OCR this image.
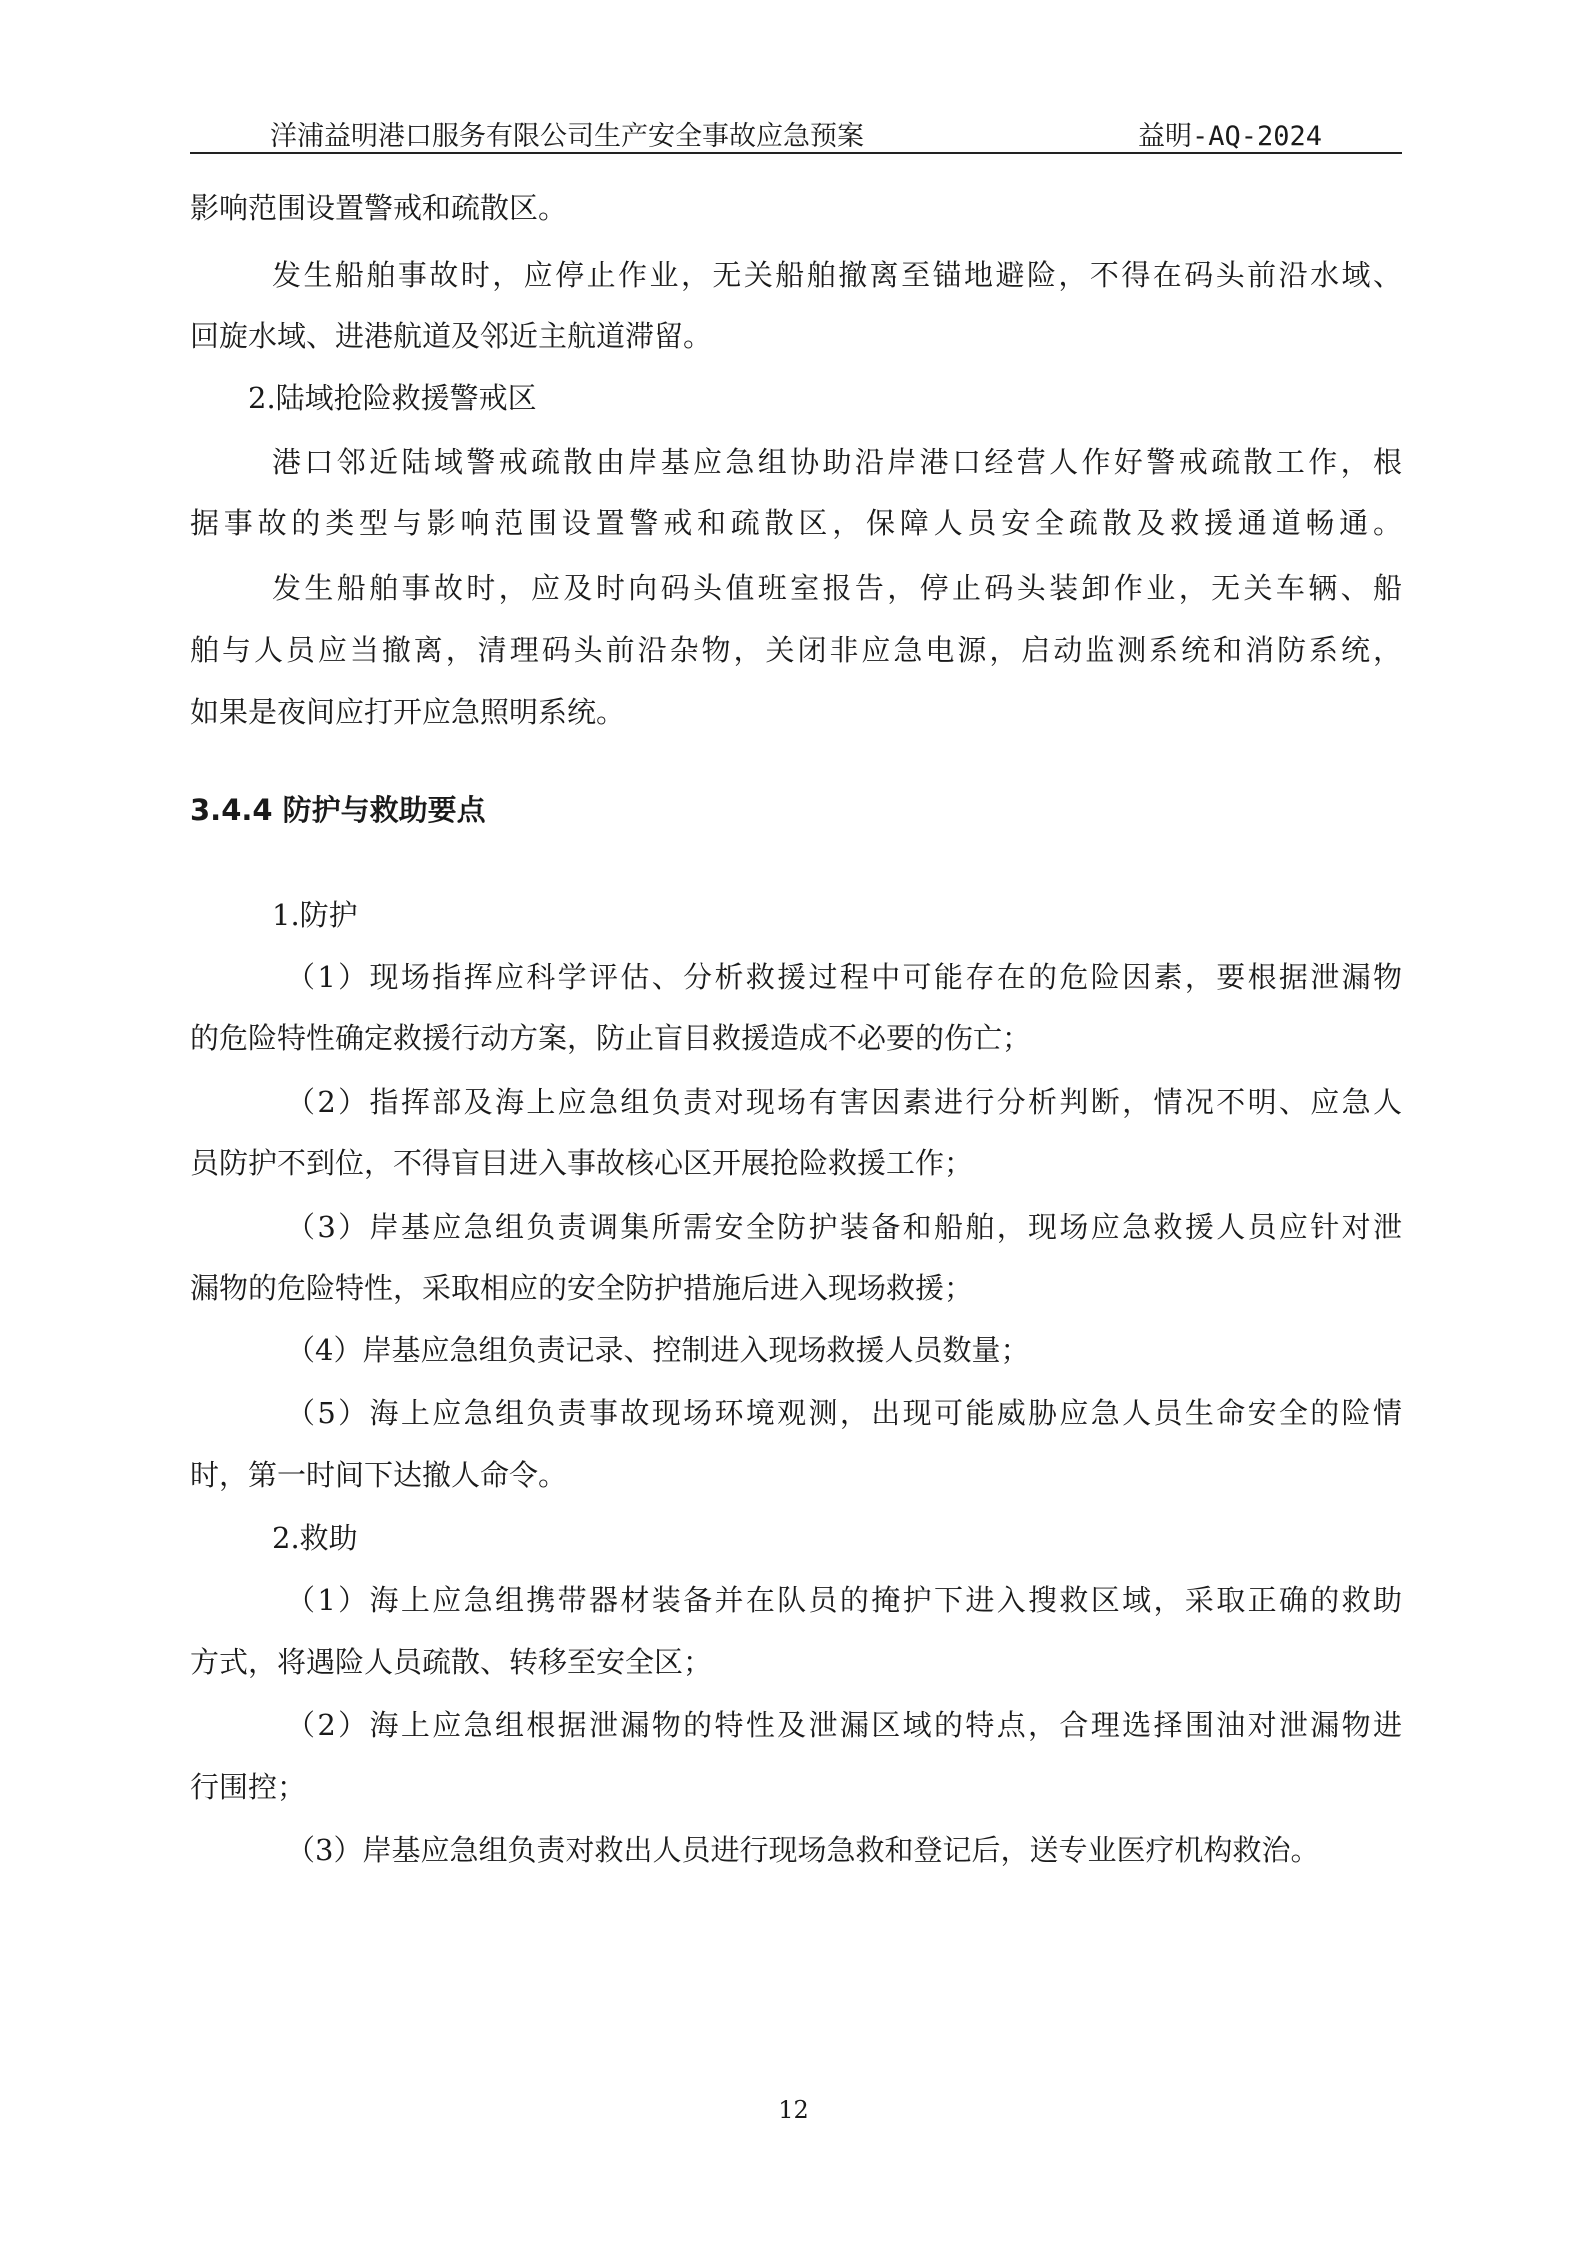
洋浦益明港口服务有限公司生产安全事故应急预案	益明-AQ-2024
影响范围设置警戒和疏散区。
发生船舶事故时，应停止作业，无关船舶撤离至锚地避险，不得在码头前沿水域、
回旋水域、进港航道及邻近主航道滞留。
2.陆域抢险救援警戒区
港口邻近陆域警戒疏散由岸基应急组协助沿岸港口经营人作好警戒疏散工作，根
据事故的类型与影响范围设置警戒和疏散区，保障人员安全疏散及救援通道畅通。
发生船舶事故时，应及时向码头值班室报告，停止码头装卸作业，无关车辆、船
舶与人员应当撤离，清理码头前沿杂物，关闭非应急电源，启动监测系统和消防系统，
如果是夜间应打开应急照明系统。
3.4.4 防护与救助要点
1.防护
（1）现场指挥应科学评估、分析救援过程中可能存在的危险因素，要根据泄漏物
的危险特性确定救援行动方案，防止盲目救援造成不必要的伤亡；
（2）指挥部及海上应急组负责对现场有害因素进行分析判断，情况不明、应急人
员防护不到位，不得盲目进入事故核心区开展抢险救援工作；
（3）岸基应急组负责调集所需安全防护装备和船舶，现场应急救援人员应针对泄
漏物的危险特性，采取相应的安全防护措施后进入现场救援；
（4）岸基应急组负责记录、控制进入现场救援人员数量；
（5）海上应急组负责事故现场环境观测，出现可能威胁应急人员生命安全的险情
时，第一时间下达撤人命令。
2.救助
（1）海上应急组携带器材装备并在队员的掩护下进入搜救区域，采取正确的救助
方式，将遇险人员疏散、转移至安全区；
（2）海上应急组根据泄漏物的特性及泄漏区域的特点，合理选择围油对泄漏物进
行围控；
（3）岸基应急组负责对救出人员进行现场急救和登记后，送专业医疗机构救治。
12
